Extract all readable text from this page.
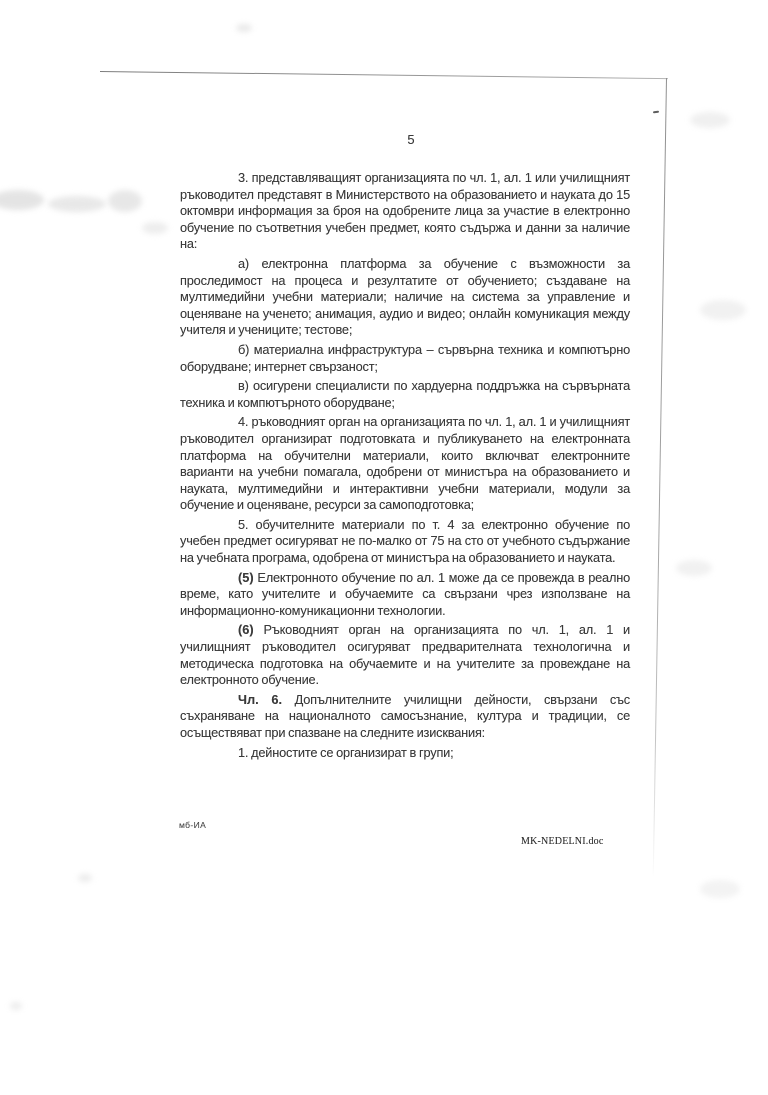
5

3. представляващият организацията по чл. 1, ал. 1 или училищният ръководител представят в Министерството на образованието и науката до 15 октомври информация за броя на одобрените лица за участие в електронно обучение по съответния учебен предмет, която съдържа и данни за наличие на:

а) електронна платформа за обучение с възможности за проследимост на процеса и резултатите от обучението; създаване на мултимедийни учебни материали; наличие на система за управление и оценяване на ученето; анимация, аудио и видео; онлайн комуникация между учителя и учениците; тестове;

б) материална инфраструктура – сървърна техника и компютърно оборудване; интернет свързаност;

в) осигурени специалисти по хардуерна поддръжка на сървърната техника и компютърното оборудване;

4. ръководният орган на организацията по чл. 1, ал. 1 и училищният ръководител организират подготовката и публикуването на електронната платформа на обучителни материали, които включват електронните варианти на учебни помагала, одобрени от министъра на образованието и науката, мултимедийни и интерактивни учебни материали, модули за обучение и оценяване, ресурси за самоподготовка;

5. обучителните материали по т. 4 за електронно обучение по учебен предмет осигуряват не по-малко от 75 на сто от учебното съдържание на учебната програма, одобрена от министъра на образованието и науката.

(5) Електронното обучение по ал. 1 може да се провежда в реално време, като учителите и обучаемите са свързани чрез използване на информационно-комуникационни технологии.

(6) Ръководният орган на организацията по чл. 1, ал. 1 и училищният ръководител осигуряват предварителната технологична и методическа подготовка на обучаемите и на учителите за провеждане на електронното обучение.

Чл. 6. Допълнителните училищни дейности, свързани със съхраняване на националното самосъзнание, култура и традиции, се осъществяват при спазване на следните изисквания:

1. дейностите се организират в групи;

мб-ИА
MK-NEDELNI.doc
